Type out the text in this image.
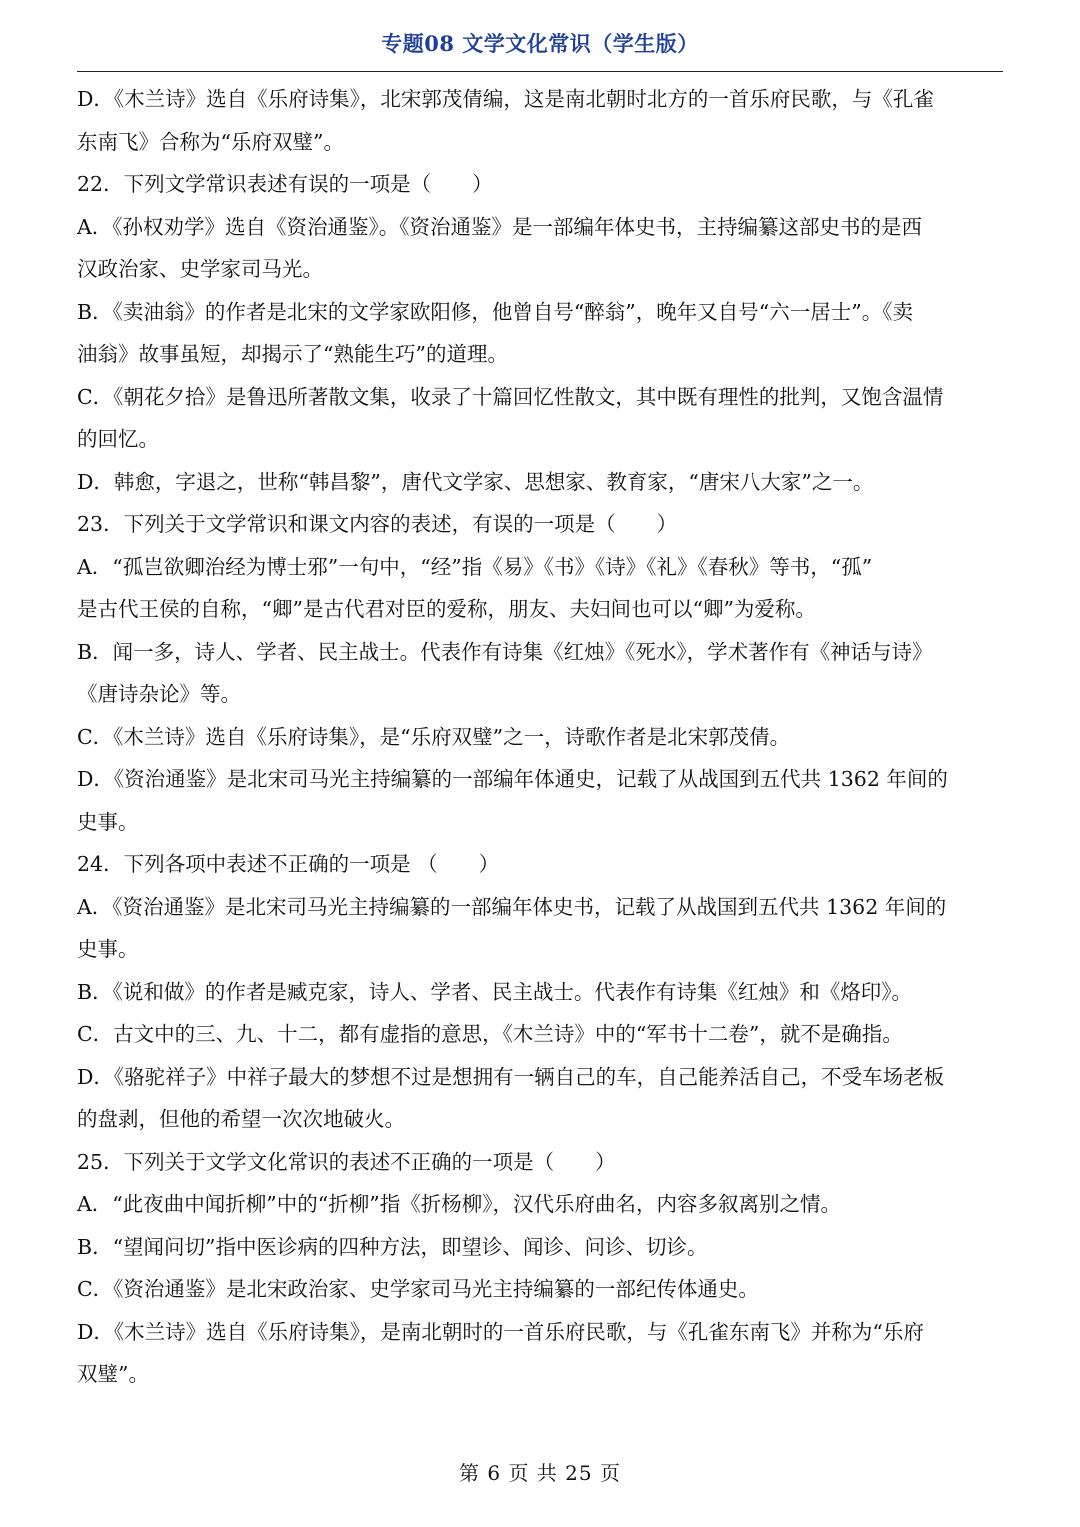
专题08 文学文化常识（学生版）
D．《木兰诗》选自《乐府诗集》，北宋郭茂倩编，这是南北朝时北方的一首乐府民歌，与《孔雀
东南飞》合称为“乐府双璧”。
22．下列文学常识表述有误的一项是（　　）
A．《孙权劝学》选自《资治通鉴》。《资治通鉴》是一部编年体史书，主持编纂这部史书的是西
汉政治家、史学家司马光。
B．《卖油翁》的作者是北宋的文学家欧阳修，他曾自号“醉翁”，晚年又自号“六一居士”。《卖
油翁》故事虽短，却揭示了“熟能生巧”的道理。
C．《朝花夕拾》是鲁迅所著散文集，收录了十篇回忆性散文，其中既有理性的批判，又饱含温情
的回忆。
D．韩愈，字退之，世称“韩昌黎”，唐代文学家、思想家、教育家，“唐宋八大家”之一。
23．下列关于文学常识和课文内容的表述，有误的一项是（　　）
A．“孤岂欲卿治经为博士邪”一句中，“经”指《易》《书》《诗》《礼》《春秋》等书，“孤”
是古代王侯的自称，“卿”是古代君对臣的爱称，朋友、夫妇间也可以“卿”为爱称。
B．闻一多，诗人、学者、民主战士。代表作有诗集《红烛》《死水》，学术著作有《神话与诗》
《唐诗杂论》等。
C．《木兰诗》选自《乐府诗集》，是“乐府双璧”之一，诗歌作者是北宋郭茂倩。
D．《资治通鉴》是北宋司马光主持编纂的一部编年体通史，记载了从战国到五代共 1362 年间的
史事。
24．下列各项中表述不正确的一项是 （　　）
A．《资治通鉴》是北宋司马光主持编纂的一部编年体史书，记载了从战国到五代共 1362 年间的
史事。
B．《说和做》的作者是臧克家，诗人、学者、民主战士。代表作有诗集《红烛》和《烙印》。
C．古文中的三、九、十二，都有虚指的意思，《木兰诗》中的“军书十二卷”，就不是确指。
D．《骆驼祥子》中祥子最大的梦想不过是想拥有一辆自己的车，自己能养活自己，不受车场老板
的盘剥，但他的希望一次次地破火。
25．下列关于文学文化常识的表述不正确的一项是（　　）
A．“此夜曲中闻折柳”中的“折柳”指《折杨柳》，汉代乐府曲名，内容多叙离别之情。
B．“望闻问切”指中医诊病的四种方法，即望诊、闻诊、问诊、切诊。
C．《资治通鉴》是北宋政治家、史学家司马光主持编纂的一部纪传体通史。
D．《木兰诗》选自《乐府诗集》，是南北朝时的一首乐府民歌，与《孔雀东南飞》并称为“乐府
双璧”。
第 6 页 共 25 页
